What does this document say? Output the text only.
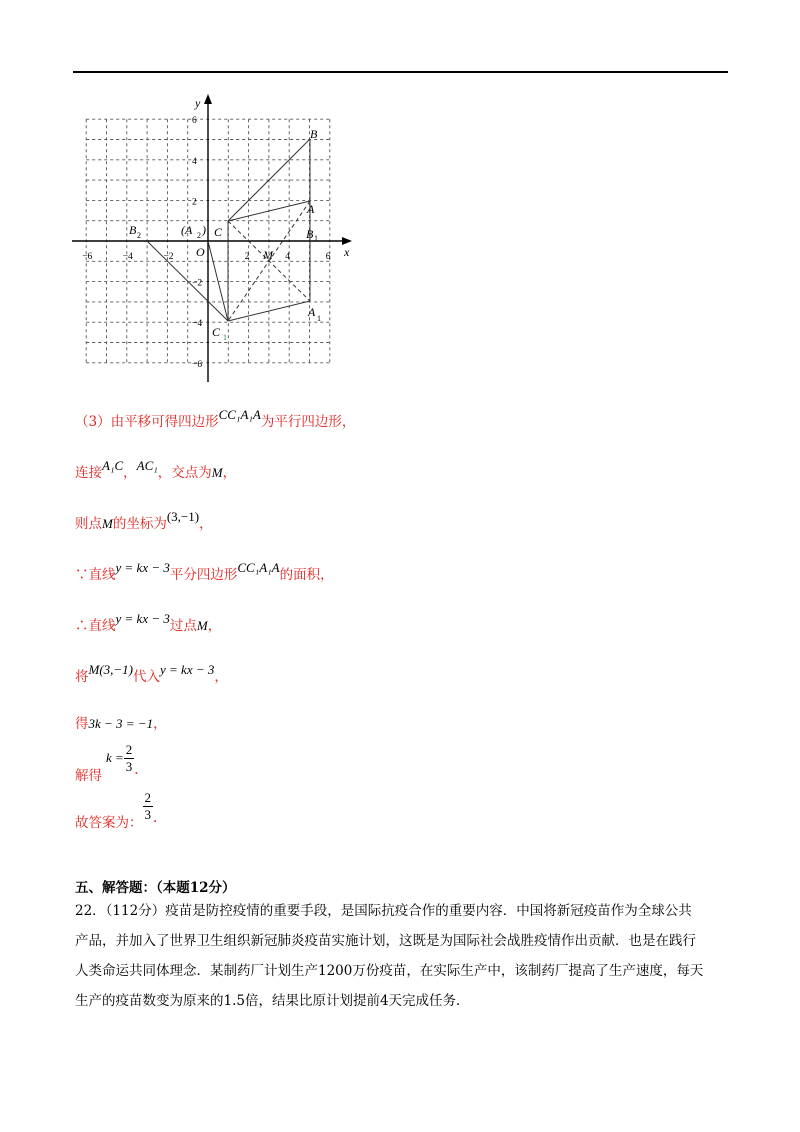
x
y
O
B
A
C	B 1
B 2	(A 2 )
M
A 1
C 1
−6	−4	−2	2	4	6
6
4
2
−2
−4
−6
（3）由平移可得四边形CC₁A₁A为平行四边形，
连接A₁C，AC₁，交点为M，
则点M的坐标为(3,−1)，
∵直线y = kx − 3平分四边形CC₁A₁A的面积，
∴直线y = kx − 3过点M，
将M(3,−1)代入y = kx − 3，
得3k − 3 = −1，
解得$k = \frac{2}{3}$ .
故答案为： $\frac{2}{3}$ .
五、解答题：（本题12分）
22．（112分）疫苗是防控疫情的重要手段，是国际抗疫合作的重要内容．中国将新冠疫苗作为全球公共
产品，并加入了世界卫生组织新冠肺炎疫苗实施计划，这既是为国际社会战胜疫情作出贡献．也是在践行
人类命运共同体理念．某制药厂计划生产1200万份疫苗，在实际生产中，该制药厂提高了生产速度，每天
生产的疫苗数变为原来的1.5倍，结果比原计划提前4天完成任务．
